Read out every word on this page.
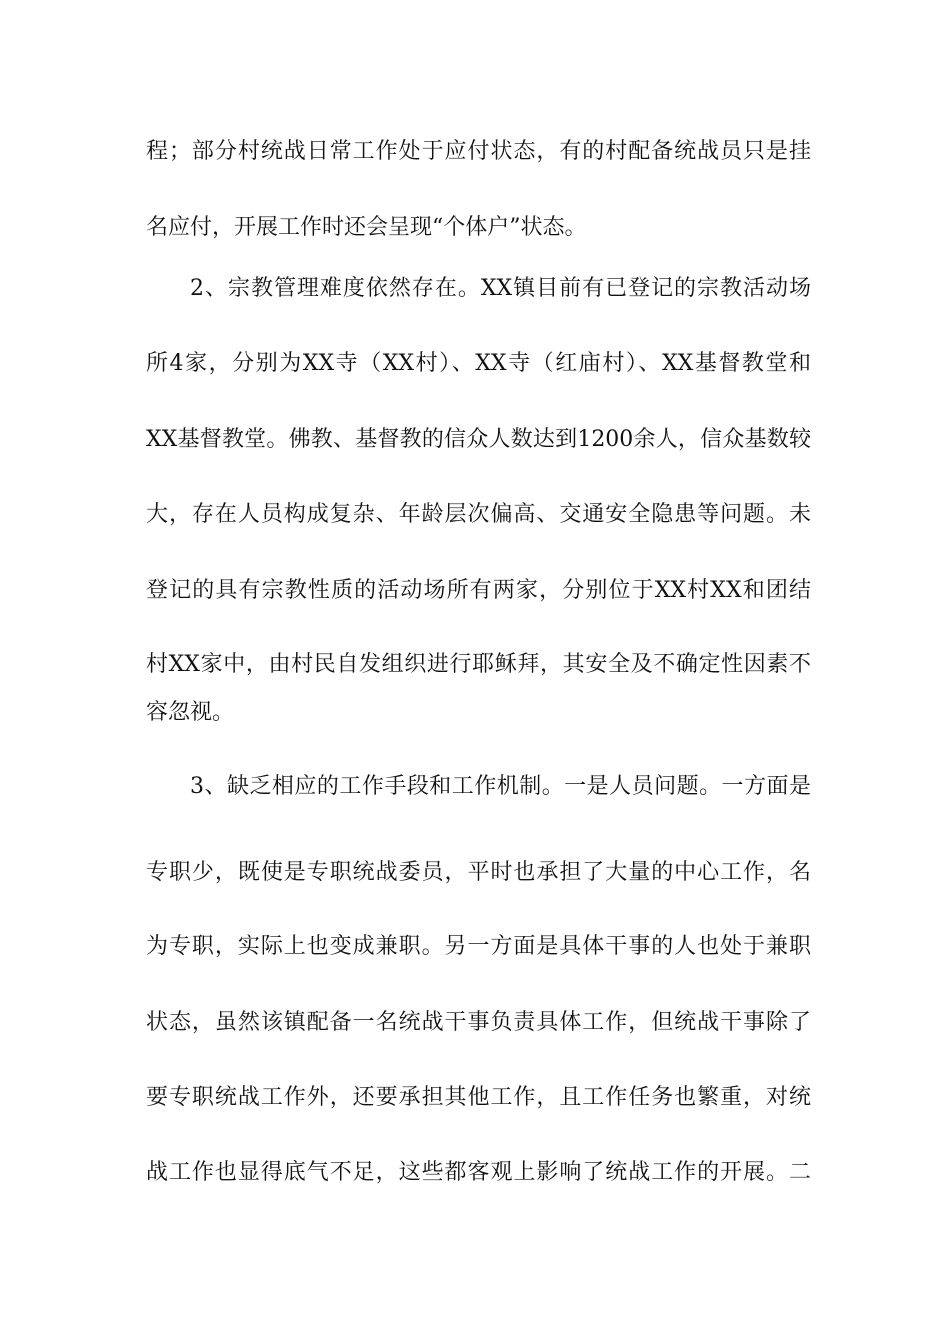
程；部分村统战日常工作处于应付状态，有的村配备统战员只是挂
名应付，开展工作时还会呈现“个体户”状态。
2、宗教管理难度依然存在。XX镇目前有已登记的宗教活动场
所4家，分别为XX寺（XX村）、XX寺（红庙村）、XX基督教堂和
XX基督教堂。佛教、基督教的信众人数达到1200余人，信众基数较
大，存在人员构成复杂、年龄层次偏高、交通安全隐患等问题。未
登记的具有宗教性质的活动场所有两家，分别位于XX村XX和团结
村XX家中，由村民自发组织进行耶稣拜，其安全及不确定性因素不
容忽视。
3、缺乏相应的工作手段和工作机制。一是人员问题。一方面是
专职少，既使是专职统战委员，平时也承担了大量的中心工作，名
为专职，实际上也变成兼职。另一方面是具体干事的人也处于兼职
状态，虽然该镇配备一名统战干事负责具体工作，但统战干事除了
要专职统战工作外，还要承担其他工作，且工作任务也繁重，对统
战工作也显得底气不足，这些都客观上影响了统战工作的开展。二
